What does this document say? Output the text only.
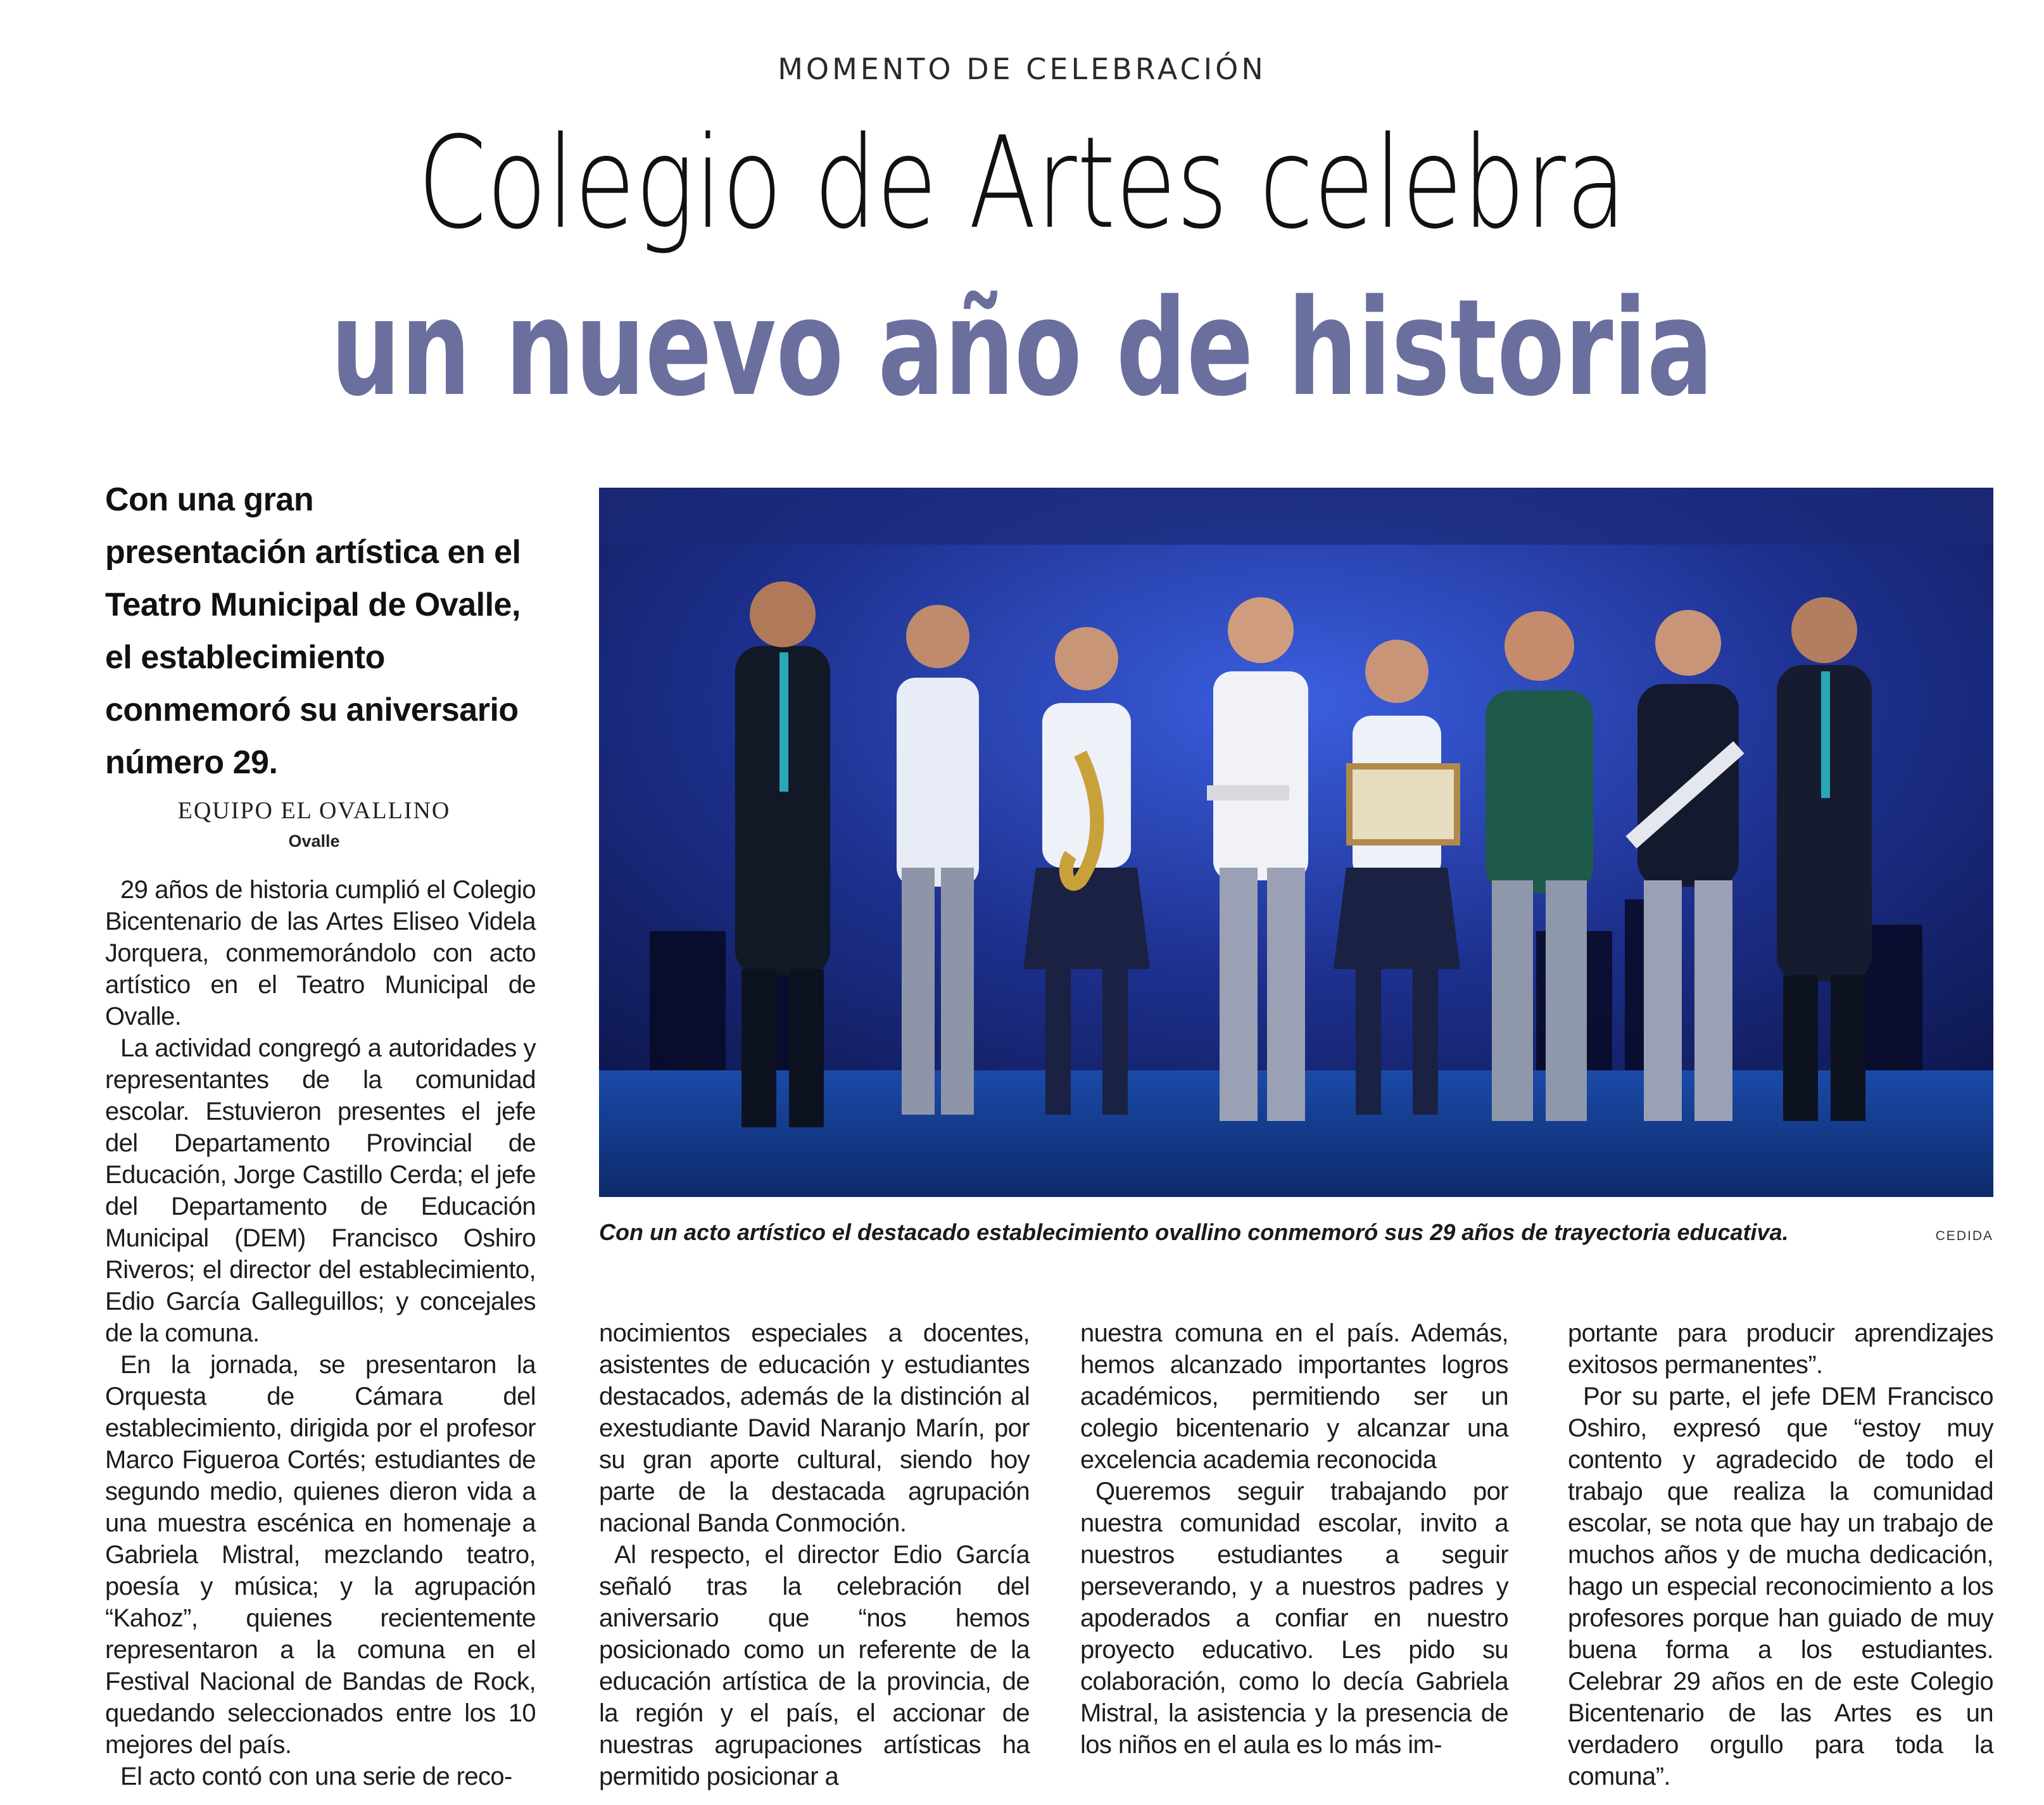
MOMENTO DE CELEBRACIÓN
Colegio de Artes celebra
un nuevo año de historia
Con una gran presentación artística en el Teatro Municipal de Ovalle, el establecimiento conmemoró su aniversario número 29.
EQUIPO EL OVALLINO
Ovalle

29 años de historia cumplió el Colegio Bicentenario de las Artes Eliseo Videla Jorquera, conmemorándolo con acto artístico en el Teatro Municipal de Ovalle.

La actividad congregó a autoridades y representantes de la comunidad escolar. Estuvieron presentes el jefe del Departamento Provincial de Educación, Jorge Castillo Cerda; el jefe del Departamento de Educación Municipal (DEM) Francisco Oshiro Riveros; el director del establecimiento, Edio García Galleguillos; y concejales de la comuna.

En la jornada, se presentaron la Orquesta de Cámara del establecimiento, dirigida por el profesor Marco Figueroa Cortés; estudiantes de segundo medio, quienes dieron vida a una muestra escénica en homenaje a Gabriela Mistral, mezclando teatro, poesía y música; y la agrupación “Kahoz”, quienes recientemente representaron a la comuna en el Festival Nacional de Bandas de Rock, quedando seleccionados entre los 10 mejores del país.

El acto contó con una serie de reco-

Con un acto artístico el destacado establecimiento ovallino conmemoró sus 29 años de trayectoria educativa.	CEDIDA

nocimientos especiales a docentes, asistentes de educación y estudiantes destacados, además de la distinción al exestudiante David Naranjo Marín, por su gran aporte cultural, siendo hoy parte de la destacada agrupación nacional Banda Conmoción.

Al respecto, el director Edio García señaló tras la celebración del aniversario que “nos hemos posicionado como un referente de la educación artística de la provincia, de la región y el país, el accionar de nuestras agrupaciones artísticas ha permitido posicionar a

nuestra comuna en el país. Además, hemos alcanzado importantes logros académicos, permitiendo ser un colegio bicentenario y alcanzar una excelencia academia reconocida

Queremos seguir trabajando por nuestra comunidad escolar, invito a nuestros estudiantes a seguir perseverando, y a nuestros padres y apoderados a confiar en nuestro proyecto educativo. Les pido su colaboración, como lo decía Gabriela Mistral, la asistencia y la presencia de los niños en el aula es lo más im-

portante para producir aprendizajes exitosos permanentes”.

Por su parte, el jefe DEM Francisco Oshiro, expresó que “estoy muy contento y agradecido de todo el trabajo que realiza la comunidad escolar, se nota que hay un trabajo de muchos años y de mucha dedicación, hago un especial reconocimiento a los profesores porque han guiado de muy buena forma a los estudiantes. Celebrar 29 años en de este Colegio Bicentenario de las Artes es un verdadero orgullo para toda la comuna”.
